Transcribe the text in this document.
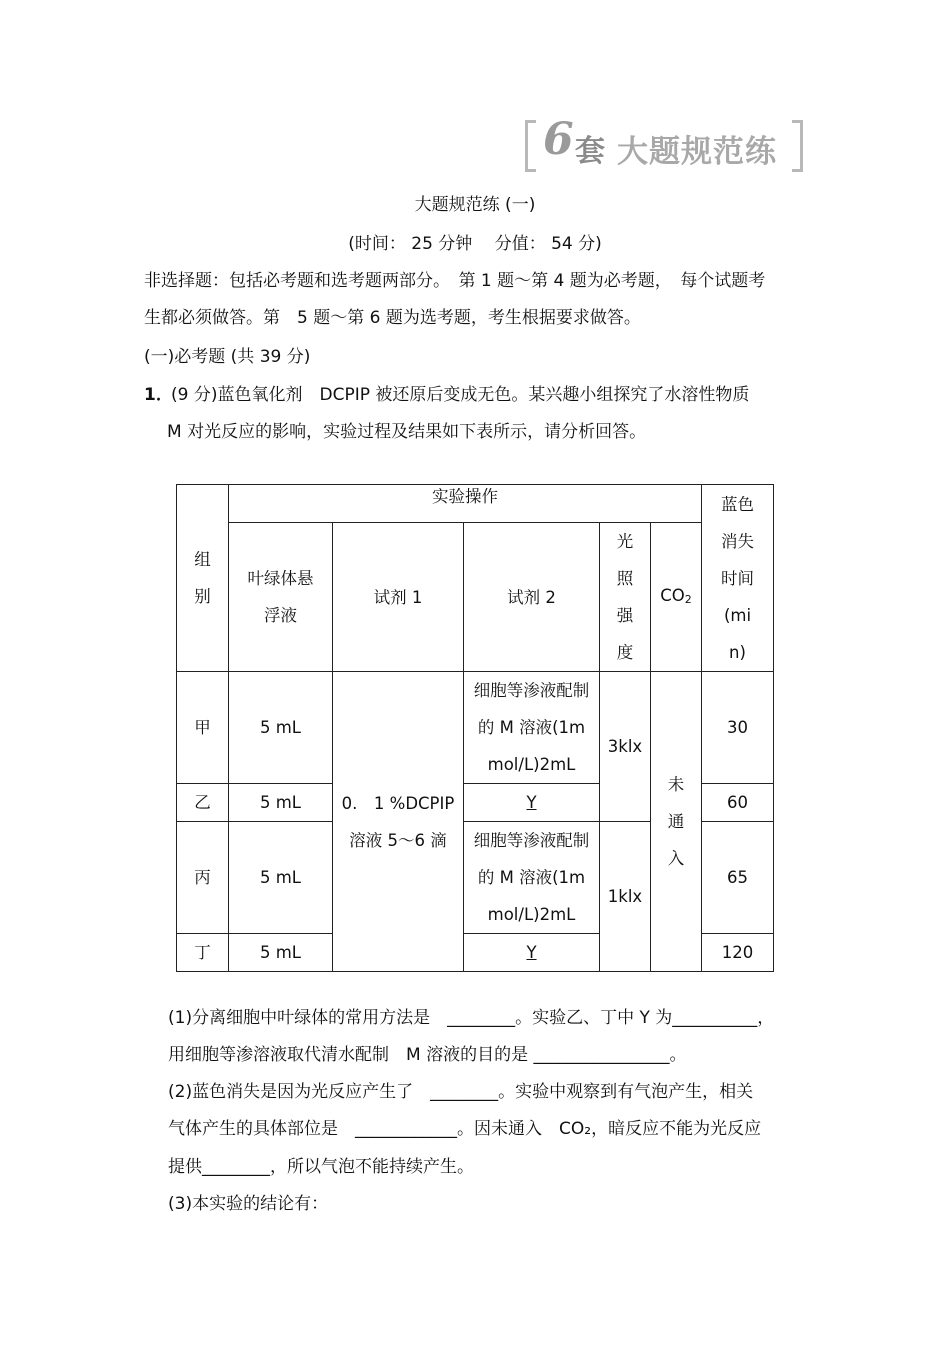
6 套 大题规范练
大题规范练 (一)
(时间： 25 分钟　 分值： 54 分)
非选择题：包括必考题和选考题两部分。　第 1 题～第 4 题为必考题，　每个试题考
生都必须做答。第　5 题～第 6 题为选考题，考生根据要求做答。
(一)必考题 (共 39 分)
1．
(9 分)蓝色氧化剂　DCPIP 被还原后变成无色。某兴趣小组探究了水溶性物质
M 对光反应的影响，实验过程及结果如下表所示，请分析回答。
组别	实验操作					蓝色消失时间(min)

	叶绿体悬浮液	试剂 1	试剂 2	光照强度	$CO_2$
甲	5 mL	0.　1 %DCPIP
溶液 5～6 滴	细胞等渗液配制的 M 溶液(1mmol/L)2mL	3klx	未通入	30
乙	5 mL		Y			60
丙	5 mL		细胞等渗液配制的 M 溶液(1mmol/L)2mL	1klx		65
丁	5 mL		Y			120
(1)分离细胞中叶绿体的常用方法是　________。实验乙、丁中 Y 为__________，
用细胞等渗溶液取代清水配制　M 溶液的目的是 ________________。
(2)蓝色消失是因为光反应产生了　________。实验中观察到有气泡产生，相关
气体产生的具体部位是　____________。因未通入　CO₂，暗反应不能为光反应
提供________，所以气泡不能持续产生。
(3)本实验的结论有：
